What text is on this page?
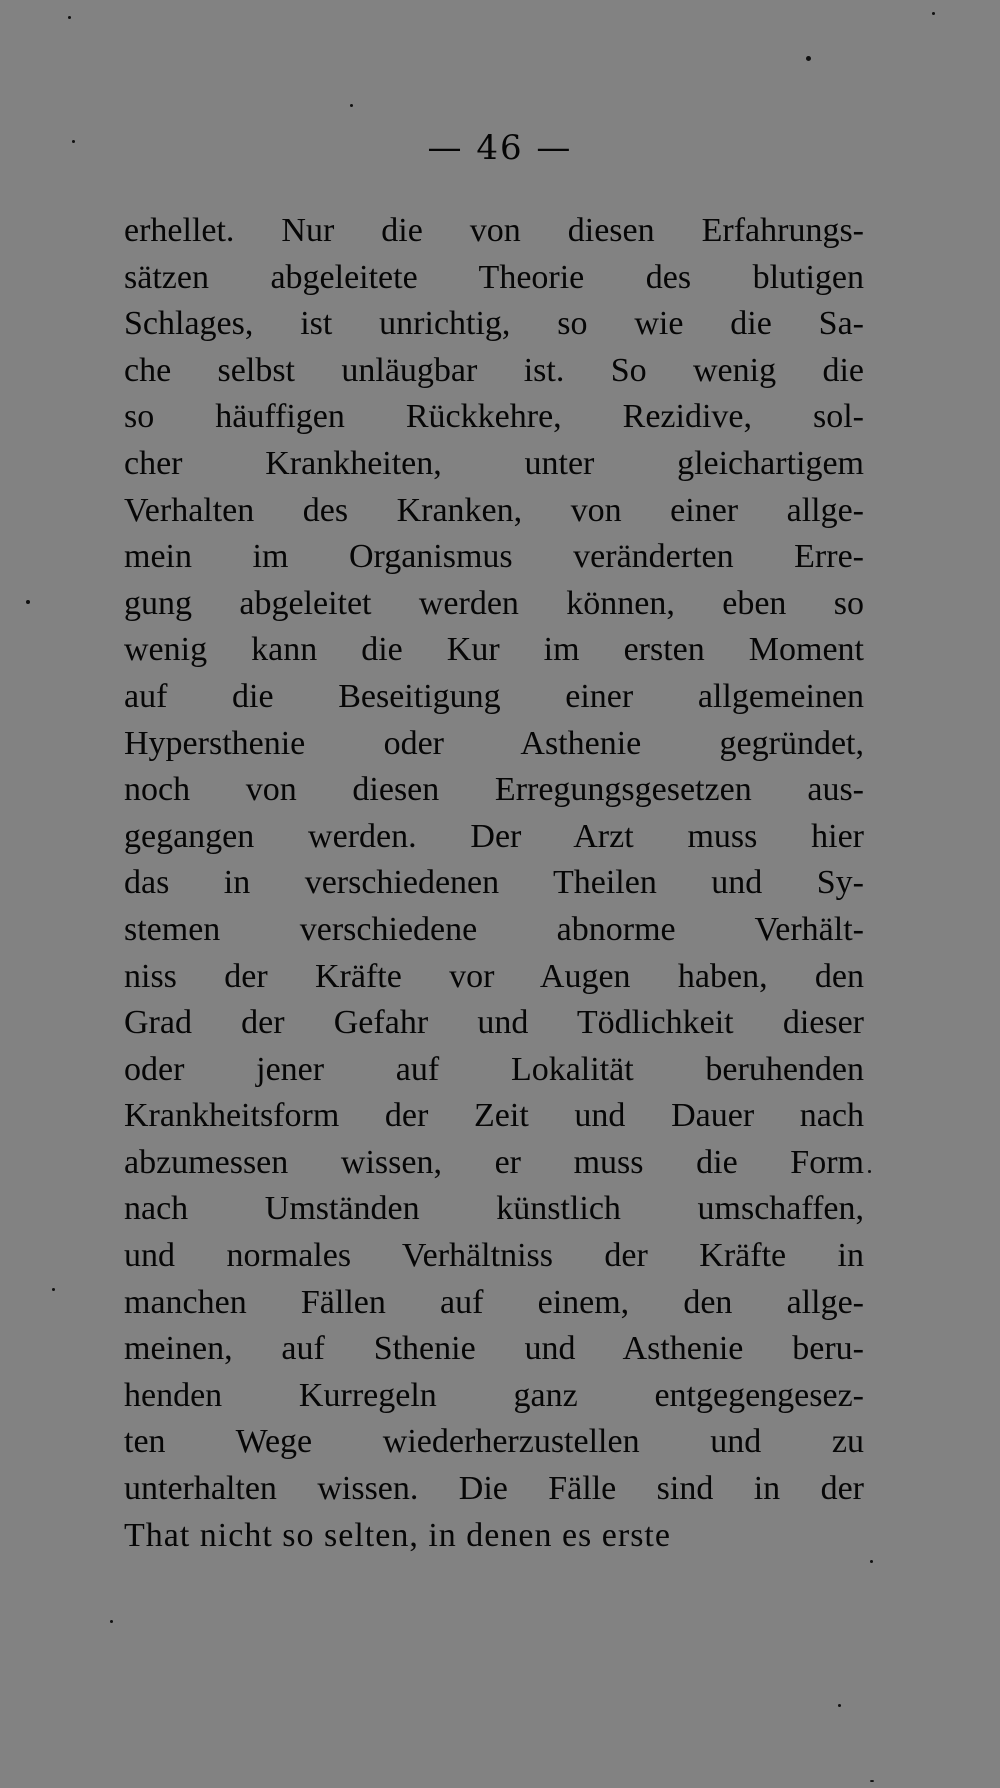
— 46 —
erhellet. Nur die von diesen Erfahrungs-
sätzen abgeleitete Theorie des blutigen
Schlages, ist unrichtig, so wie die Sa-
che selbst unläugbar ist. So wenig die
so häuffigen Rückkehre, Rezidive, sol-
cher Krankheiten, unter gleichartigem
Verhalten des Kranken, von einer allge-
mein im Organismus veränderten Erre-
gung abgeleitet werden können, eben so
wenig kann die Kur im ersten Moment
auf die Beseitigung einer allgemeinen
Hypersthenie oder Asthenie gegründet,
noch von diesen Erregungsgesetzen aus-
gegangen werden. Der Arzt muss hier
das in verschiedenen Theilen und Sy-
stemen verschiedene abnorme Verhält-
niss der Kräfte vor Augen haben, den
Grad der Gefahr und Tödlichkeit dieser
oder jener auf Lokalität beruhenden
Krankheitsform der Zeit und Dauer nach
abzumessen wissen, er muss die Form
nach Umständen künstlich umschaffen,
und normales Verhältniss der Kräfte in
manchen Fällen auf einem, den allge-
meinen, auf Sthenie und Asthenie beru-
henden Kurregeln ganz entgegengesez-
ten Wege wiederherzustellen und zu
unterhalten wissen. Die Fälle sind in der
That nicht so selten, in denen es erste
